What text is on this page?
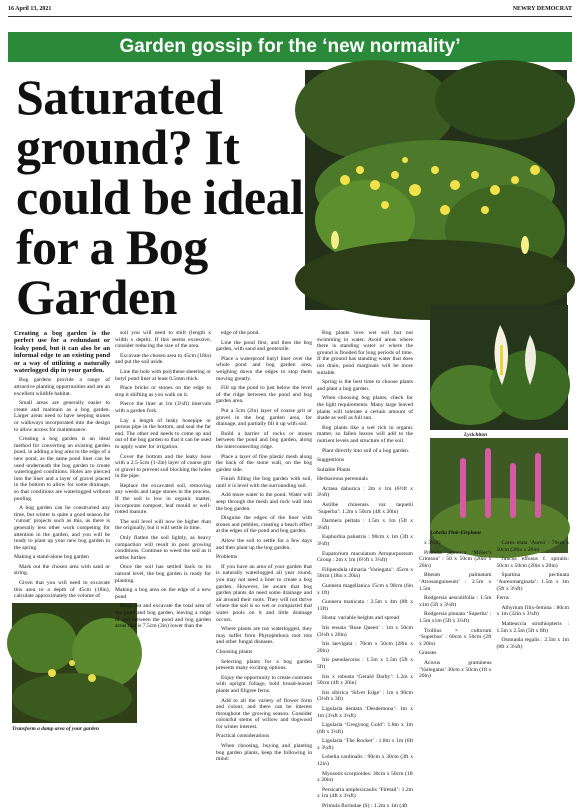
16 April 13, 2021	NEWRY DEMOCRAT
Garden gossip for the ‘new normality’
Saturated ground? It could be ideal for a Bog Garden
Lysichiton
Lobelia Pink-Elephant
Transform a damp area of your garden

Creating a bog garden is the perfect use for a redundant or leaky pond, but it can also be an informal edge to an existing pond or a way of utilizing a naturally waterlogged dip in your garden.

Bog gardens provide a range of attractive planting opportunities and are an excellent wildlife habitat.

Small areas are generally easier to create and maintain as a bog garden. Larger areas need to have seeping stones or walkways incorporated into the design to allow access for maintenance.

Creating a bog garden is an ideal method for converting an existing garden pond, in adding a bog area to the edge of a new pond, as the same pond liner can be used underneath the bog garden to create waterlogged conditions. Holes are pierced into the liner and a layer of gravel placed in the bottom to allow for some drainage, so that conditions are waterlogged without pooling.

A bog garden can be constructed any time, but winter is quite a good season for ‘cutout’ projects such as this, as there is generally less other work competing for attention in the garden, and you will be ready to plant up your new bog garden in the spring.

Making a stand-alone bog garden

Mark out the chosen area with sand or string.

Given that you will need to excavate this area to a depth of 45cm (18in), calculate approximately the volume of

soil you will need to shift (length x width x depth). If this seems excessive, consider reducing the size of the area.

Excavate the chosen area to 45cm (18in) and put the soil aside.

Line the hole with polythene sheeting or butyl pond liner at least 0.5mm thick.

Place bricks or stones on the edge to stop it shifting as you walk on it.

Pierce the liner at 1m (3¼ft) intervals with a garden fork.

Lay a length of leaky hosepipe or porous pipe in the bottom, and seal the far end. The other end needs to come up and out of the bog garden so that it can be used to apply water for irrigation.

Cover the bottom and the leaky hose with a 2.5-5cm (1-2in) layer of coarse grit or gravel to prevent soil blocking the holes in the pipe.

Replace the excavated soil, removing any weeds and large stones in the process. If the soil is low in organic matter, incorporate compost, leaf mould or well-rotted manure.

The soil level will now be higher than the originally, but it will settle in time.

Only flatten the soil lightly, as heavy compaction will result in poor growing conditions. Continue to weed the soil as it settles further.

Once the soil has settled back to its natural level, the bog garden is ready for planting.

Making a bog area on the edge of a new pond

Mark out and excavate the total area of the pond and bog garden, leaving a ridge of soil between the pond and bog garden areas that is 7.5cm (3in) lower than the

edge of the pond.

Line the pond first, and then the bog garden, with sand and geotextile.

Place a waterproof butyl liner over the whole pond and bog garden area, weighing down the edges to stop them moving greatly.

Fill up the pond to just below the level of the ridge between the pond and bog garden area.

Put a 5cm (2in) layer of coarse grit or gravel in the bog garden area, for drainage, and partially fill it up with soil.

Build a barrier of rocks or stones between the pond and bog garden, along the interconnecting ridge.

Place a layer of fine plastic mesh along the back of the stone wall, on the bog garden side.

Finish filling the bog garden with soil, until it is level with the surrounding soil.

Add more water to the pond. Water will seep through the mesh and rock wall into the bog garden.

Disguise the edges of the liner with stones and pebbles, creating a beach effect at the edges of the pond and bog garden.

Allow the soil to settle for a few days and then plant up the bog garden.

Problems

If you have an area of your garden that is naturally waterlogged all year round, you may not need a liner to create a bog garden. However, be aware that bog garden plants do need some drainage and air around their roots. They will not thrive where the soil is so wet or compacted that water pools on it and little drainage occurs.

Where plants are too waterlogged, they may suffer from Phytophthora root rots and other fungal diseases.

Choosing plants

Selecting plants for a bog garden presents many exciting options.

Enjoy the opportunity to create contrasts with upright foliage, bold broad-leaved plants and filigree ferns.

Add to all the variety of flower form and colour, and there can be interest throughout the growing season. Consider colourful stems of willow and dogwood for winter interest.

Practical considerations

When choosing, buying and planting bog garden plants, keep the following in mind:

Bog plants love wet soil but not swimming in water. Avoid areas where there is standing water or where the ground is flooded for long periods of time. If the ground has standing water that does not drain, pond marginals will be more suitable.

Spring is the best time to choose plants and plant a bog garden.

When choosing bog plants, check for the light requirements. Many large leaved plants will tolerate a certain amount of shade as well as full sun.

Bog plants like a wet rich in organic matter, so fallen leaves will add to the nutrient levels and structure of the soil.

Plant directly into soil of a bog garden.

Suggestions

Suitable Plants

Herbaceous perennials

Actaea dahurica : 2m x 1m (6½ft x 3¼ft)

Astilbe chinensis var. taquetii ‘Superba’: 1.2m x 50cm (4ft x 20in)

Darmera peltata : 1.5m x 1m (5ft x 3¼ft)

Euphorbia palustris : 90cm x 1m (3ft x 3¼ft)

Eupatorium maculatum Atropurpureum Group : 2m x 1m (6½ft x 3¼ft)

Filipendula ulmaria ‘Variegata’: 45cm x 50cm (18in x 20in)

Gunnera magellanica 15cm x 90cm (6in x 1ft)

Gunnera manicata : 2.5m x 4m (8ft x 13ft)

Hosta: variable heights and spread

Iris ensata ‘Rose Queen’ : 1m x 50cm (3¼ft x 20in)

Iris laevigata : 70cm x 50cm (28in x 20in)

Iris pseudacorus : 1.5m x 1.5m (5ft x 5ft)

Iris x robusta ‘Gerald Darby’: 1.2m x 50cm (4ft x 20in)

Iris sibirica ‘Silver Edge’ : 1m x 90cm (3¼ft x 3ft)

Ligularia dentata ‘Desdemona’: 1m x 1m (3¼ft x 3¼ft)

Ligularia ‘Gregynog Gold’: 1.8m x 1m (6ft x 3¼ft)

Ligularia ‘The Rocket’ : 1.8m x 1m (6ft x 3¼ft)

Lobelia cardinalis : 90cm x 30cm (3ft x 12in)

Myosotis scorpioides: 30cm x 50cm (1ft x 20in)

Persicaria amplexicaulis ‘Firetail’: 1.2m x 1m (4ft x 3¼ft)

Primula florindae (S) : 1.2m x 1m (4ft

x 3¼ft)

Primula japonica ‘Miller’s Crimson’ : 50 x 50cm (20in x 20in)

Rheum palmatum ‘Atrosanguineum’ : 2.5m x 1.5m

Rodgersia aesculifolia : 1.5m x1m (5ft x 3¼ft)

Rodgersia pinnata ‘Superba’ : 1.5m x1m (5ft x 3¼ft)

Trollius × cultorum ‘Superbus’ : 60cm x 50cm (2ft x 20in)

Grasses

Acorus gramineus ‘Variegatus’ 30cm x 50cm (1ft x 20in)

Carex elata ‘Aurea’ : 70cm x 50cm (28in x 20in)

Juncus effusus f. spiralis: 50cm x 50cm (20in x 20in)

Spartina pectinata ‘Aureomarginata’: 1.5m x 1m (5ft x 3¼ft)

Ferns

Athyrium filix-femina : 80cm x 1m (32in x 3¼ft)

Matteuccia struthiopteris : 1.5m x 2.5m (5ft x 8ft)

Osmunda regalis : 2.5m x 1m (8ft x 3¼ft)
